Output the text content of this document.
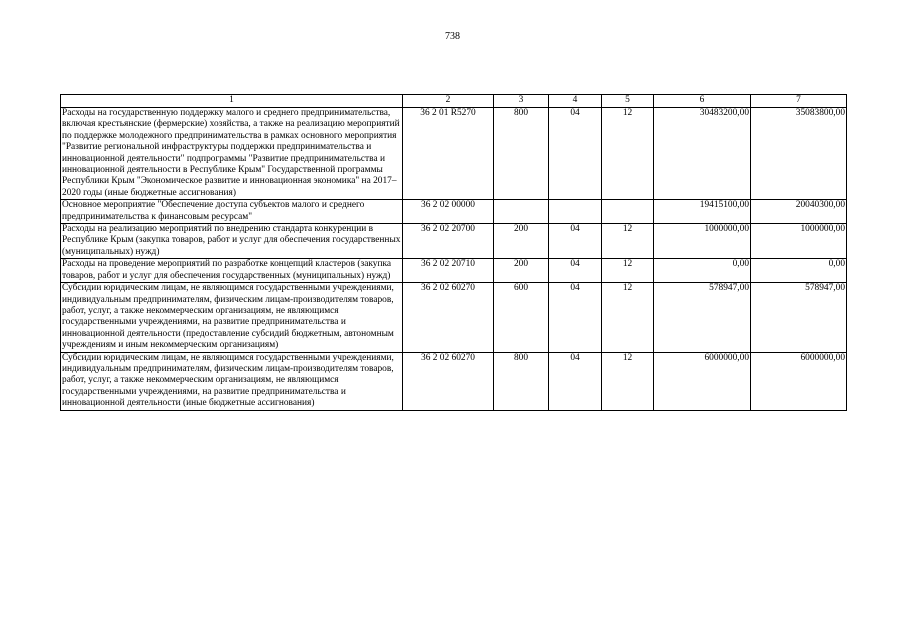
738
1	2	3	4	5	6	7
Расходы на государственную поддержку малого и среднего предпринимательства, включая крестьянские (фермерские) хозяйства, а также на реализацию мероприятий по поддержке молодежного предпринимательства в рамках основного мероприятия "Развитие региональной инфраструктуры поддержки предпринимательства и инновационной деятельности" подпрограммы "Развитие предпринимательства и инновационной деятельности в Республике Крым" Государственной программы Республики Крым "Экономическое развитие и инновационная экономика" на 2017–2020 годы (иные бюджетные ассигнования)	36 2 01 R5270	800	04	12	30483200,00	35083800,00
Основное мероприятие "Обеспечение доступа субъектов малого и среднего предпринимательства к финансовым ресурсам"	36 2 02 00000				19415100,00	20040300,00
Расходы на реализацию мероприятий по внедрению стандарта конкуренции в Республике Крым (закупка товаров, работ и услуг для обеспечения государственных (муниципальных) нужд)	36 2 02 20700	200	04	12	1000000,00	1000000,00
Расходы на проведение мероприятий по разработке концепций кластеров (закупка товаров, работ и услуг для обеспечения государственных (муниципальных) нужд)	36 2 02 20710	200	04	12	0,00	0,00
Субсидии юридическим лицам, не являющимся государственными учреждениями, индивидуальным предпринимателям, физическим лицам-производителям товаров, работ, услуг, а также некоммерческим организациям, не являющимся государственными учреждениями, на развитие предпринимательства и инновационной деятельности (предоставление субсидий бюджетным, автономным учреждениям и иным некоммерческим организациям)	36 2 02 60270	600	04	12	578947,00	578947,00
Субсидии юридическим лицам, не являющимся государственными учреждениями, индивидуальным предпринимателям, физическим лицам-производителям товаров, работ, услуг, а также некоммерческим организациям, не являющимся государственными учреждениями, на развитие предпринимательства и инновационной деятельности (иные бюджетные ассигнования)	36 2 02 60270	800	04	12	6000000,00	6000000,00
